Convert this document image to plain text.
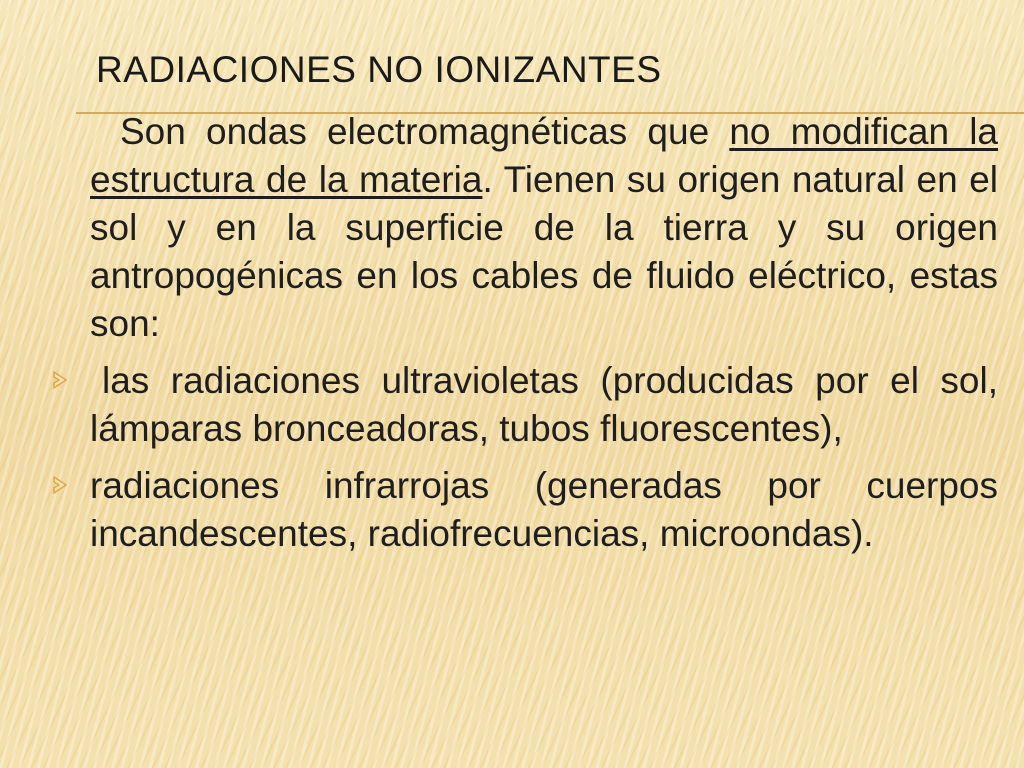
RADIACIONES NO IONIZANTES

Son ondas electromagnéticas que no modifican la estructura de la materia. Tienen su origen natural en el sol y en la superficie de la tierra y su origen antropogénicas en los cables de fluido eléctrico, estas son:

las radiaciones ultravioletas (producidas por el sol, lámparas bronceadoras, tubos fluorescentes),
radiaciones infrarrojas (generadas por cuerpos incandescentes, radiofrecuencias, microondas).
